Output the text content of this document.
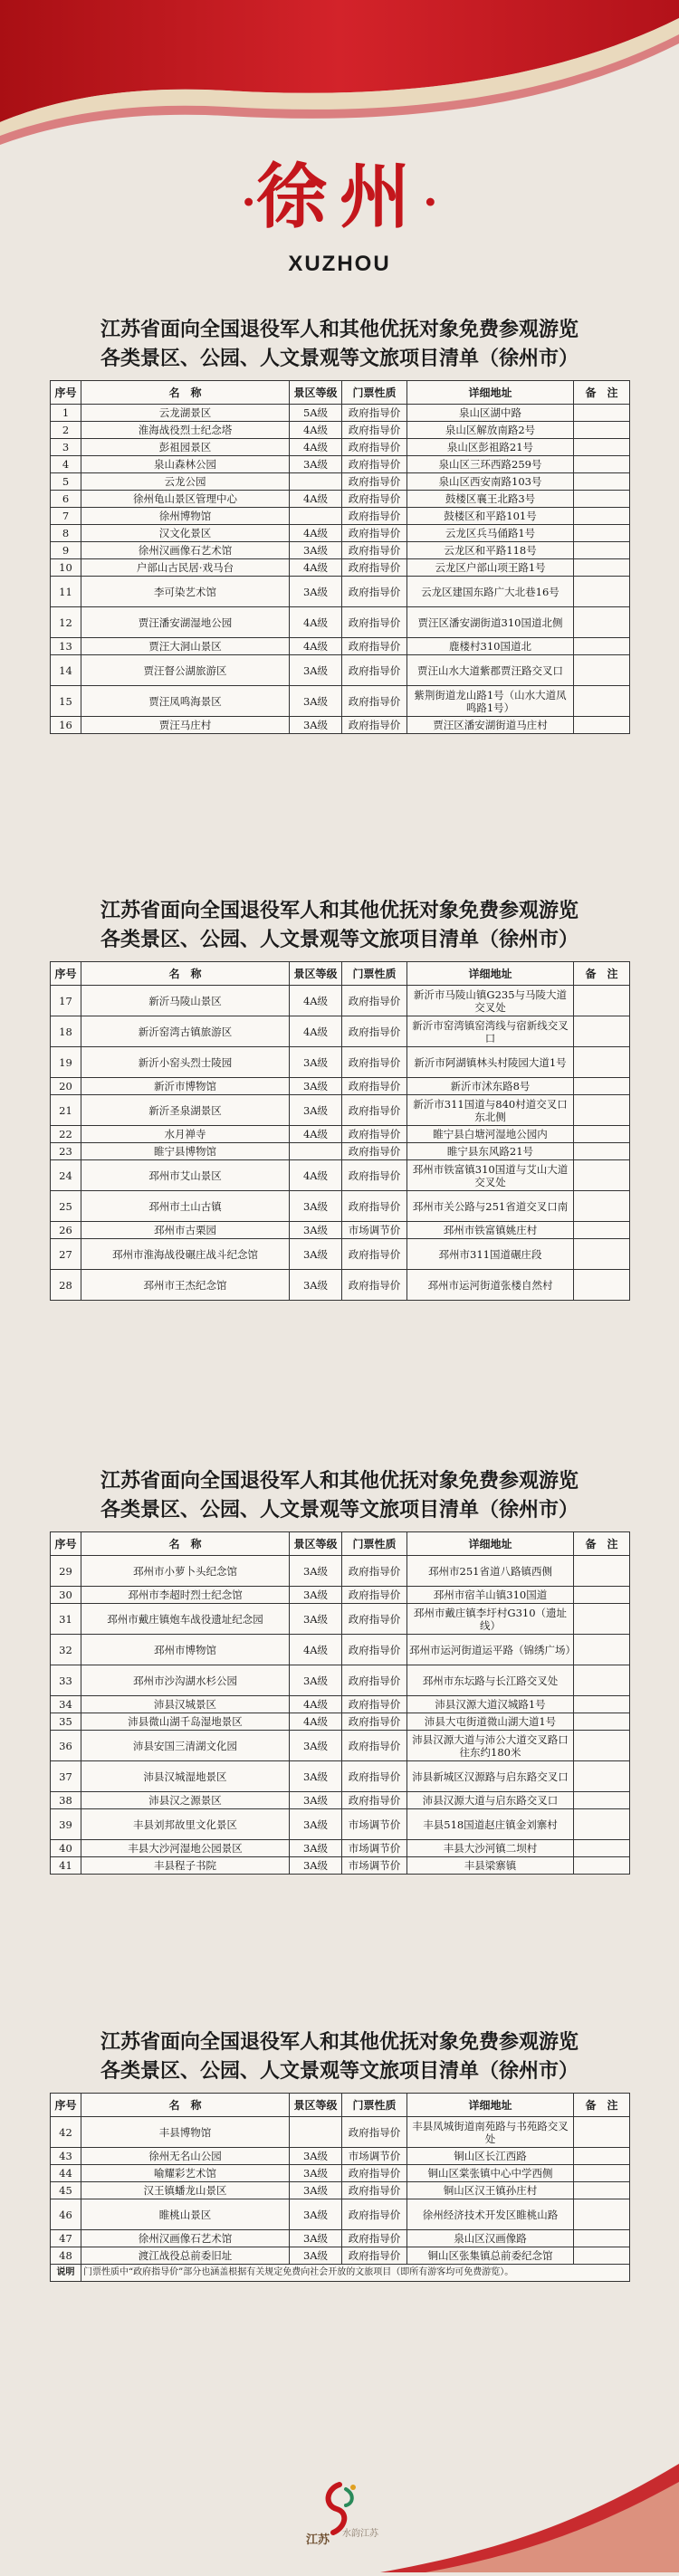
·徐州·
XUZHOU
江苏省面向全国退役军人和其他优抚对象免费参观游览
各类景区、公园、人文景观等文旅项目清单（徐州市）
序号	名　称	景区等级	门票性质	详细地址	备　注
1	云龙湖景区	5A级	政府指导价	泉山区湖中路	
2	淮海战役烈士纪念塔	4A级	政府指导价	泉山区解放南路2号	
3	彭祖园景区	4A级	政府指导价	泉山区彭祖路21号	
4	泉山森林公园	3A级	政府指导价	泉山区三环西路259号	
5	云龙公园		政府指导价	泉山区西安南路103号	
6	徐州龟山景区管理中心	4A级	政府指导价	鼓楼区襄王北路3号	
7	徐州博物馆		政府指导价	鼓楼区和平路101号	
8	汉文化景区	4A级	政府指导价	云龙区兵马俑路1号	
9	徐州汉画像石艺术馆	3A级	政府指导价	云龙区和平路118号	
10	户部山古民居·戏马台	4A级	政府指导价	云龙区户部山项王路1号	
11	李可染艺术馆	3A级	政府指导价	云龙区建国东路广大北巷16号	
12	贾汪潘安湖湿地公园	4A级	政府指导价	贾汪区潘安湖街道310国道北侧	
13	贾汪大洞山景区	4A级	政府指导价	鹿楼村310国道北	
14	贾汪督公湖旅游区	3A级	政府指导价	贾汪山水大道紫郡贾汪路交叉口	
15	贾汪凤鸣海景区	3A级	政府指导价	紫荆街道龙山路1号（山水大道凤鸣路1号）	
16	贾汪马庄村	3A级	政府指导价	贾汪区潘安湖街道马庄村	
江苏省面向全国退役军人和其他优抚对象免费参观游览
各类景区、公园、人文景观等文旅项目清单（徐州市）
序号	名　称	景区等级	门票性质	详细地址	备　注
17	新沂马陵山景区	4A级	政府指导价	新沂市马陵山镇G235与马陵大道交叉处	
18	新沂窑湾古镇旅游区	4A级	政府指导价	新沂市窑湾镇窑湾线与宿新线交叉口	
19	新沂小窑头烈士陵园	3A级	政府指导价	新沂市阿湖镇林头村陵园大道1号	
20	新沂市博物馆	3A级	政府指导价	新沂市沭东路8号	
21	新沂圣泉湖景区	3A级	政府指导价	新沂市311国道与840村道交叉口东北侧	
22	水月禅寺	4A级	政府指导价	睢宁县白塘河湿地公园内	
23	睢宁县博物馆		政府指导价	睢宁县东风路21号	
24	邳州市艾山景区	4A级	政府指导价	邳州市铁富镇310国道与艾山大道交叉处	
25	邳州市土山古镇	3A级	政府指导价	邳州市关公路与251省道交叉口南	
26	邳州市古栗园	3A级	市场调节价	邳州市铁富镇姚庄村	
27	邳州市淮海战役碾庄战斗纪念馆	3A级	政府指导价	邳州市311国道碾庄段	
28	邳州市王杰纪念馆	3A级	政府指导价	邳州市运河街道张楼自然村	
江苏省面向全国退役军人和其他优抚对象免费参观游览
各类景区、公园、人文景观等文旅项目清单（徐州市）
序号	名　称	景区等级	门票性质	详细地址	备　注
29	邳州市小萝卜头纪念馆	3A级	政府指导价	邳州市251省道八路镇西侧	
30	邳州市李超时烈士纪念馆	3A级	政府指导价	邳州市宿羊山镇310国道	
31	邳州市戴庄镇炮车战役遗址纪念园	3A级	政府指导价	邳州市戴庄镇李圩村G310（遗址线）	
32	邳州市博物馆	4A级	政府指导价	邳州市运河街道运平路（锦绣广场）	
33	邳州市沙沟湖水杉公园	3A级	政府指导价	邳州市东坛路与长江路交叉处	
34	沛县汉城景区	4A级	政府指导价	沛县汉源大道汉城路1号	
35	沛县微山湖千岛湿地景区	4A级	政府指导价	沛县大屯街道微山湖大道1号	
36	沛县安国三清湖文化园	3A级	政府指导价	沛县汉源大道与沛公大道交叉路口往东约180米	
37	沛县汉城湿地景区	3A级	政府指导价	沛县新城区汉源路与启东路交叉口	
38	沛县汉之源景区	3A级	政府指导价	沛县汉源大道与启东路交叉口	
39	丰县刘邦故里文化景区	3A级	市场调节价	丰县518国道赵庄镇金刘寨村	
40	丰县大沙河湿地公园景区	3A级	市场调节价	丰县大沙河镇二坝村	
41	丰县程子书院	3A级	市场调节价	丰县梁寨镇	
江苏省面向全国退役军人和其他优抚对象免费参观游览
各类景区、公园、人文景观等文旅项目清单（徐州市）
序号	名　称	景区等级	门票性质	详细地址	备　注
42	丰县博物馆		政府指导价	丰县凤城街道南苑路与书苑路交叉处	
43	徐州无名山公园	3A级	市场调节价	铜山区长江西路	
44	喻耀彩艺术馆	3A级	政府指导价	铜山区棠张镇中心中学西侧	
45	汉王镇蟠龙山景区	3A级	政府指导价	铜山区汉王镇孙庄村	
46	睢桃山景区	3A级	政府指导价	徐州经济技术开发区睢桃山路	
47	徐州汉画像石艺术馆	3A级	政府指导价	泉山区汉画像路	
48	渡江战役总前委旧址	3A级	政府指导价	铜山区张集镇总前委纪念馆	
说明	门票性质中“政府指导价”部分也涵盖根据有关规定免费向社会开放的文旅项目（即所有游客均可免费游览）。				
江苏 水韵江苏
